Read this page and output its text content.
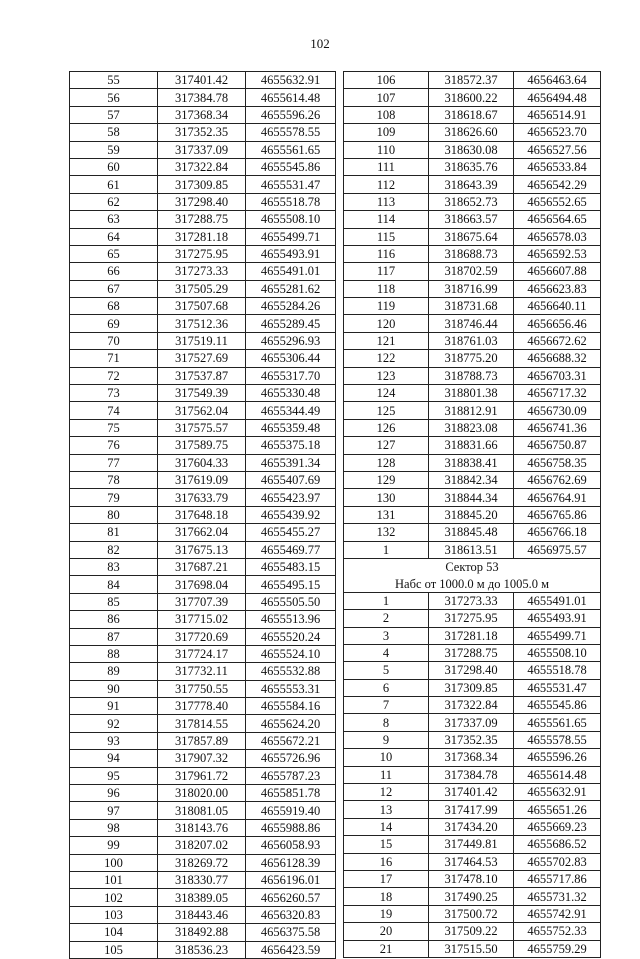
102
55	317401.42	4655632.91
56	317384.78	4655614.48
57	317368.34	4655596.26
58	317352.35	4655578.55
59	317337.09	4655561.65
60	317322.84	4655545.86
61	317309.85	4655531.47
62	317298.40	4655518.78
63	317288.75	4655508.10
64	317281.18	4655499.71
65	317275.95	4655493.91
66	317273.33	4655491.01
67	317505.29	4655281.62
68	317507.68	4655284.26
69	317512.36	4655289.45
70	317519.11	4655296.93
71	317527.69	4655306.44
72	317537.87	4655317.70
73	317549.39	4655330.48
74	317562.04	4655344.49
75	317575.57	4655359.48
76	317589.75	4655375.18
77	317604.33	4655391.34
78	317619.09	4655407.69
79	317633.79	4655423.97
80	317648.18	4655439.92
81	317662.04	4655455.27
82	317675.13	4655469.77
83	317687.21	4655483.15
84	317698.04	4655495.15
85	317707.39	4655505.50
86	317715.02	4655513.96
87	317720.69	4655520.24
88	317724.17	4655524.10
89	317732.11	4655532.88
90	317750.55	4655553.31
91	317778.40	4655584.16
92	317814.55	4655624.20
93	317857.89	4655672.21
94	317907.32	4655726.96
95	317961.72	4655787.23
96	318020.00	4655851.78
97	318081.05	4655919.40
98	318143.76	4655988.86
99	318207.02	4656058.93
100	318269.72	4656128.39
101	318330.77	4656196.01
102	318389.05	4656260.57
103	318443.46	4656320.83
104	318492.88	4656375.58
105	318536.23	4656423.59
106	318572.37	4656463.64
107	318600.22	4656494.48
108	318618.67	4656514.91
109	318626.60	4656523.70
110	318630.08	4656527.56
111	318635.76	4656533.84
112	318643.39	4656542.29
113	318652.73	4656552.65
114	318663.57	4656564.65
115	318675.64	4656578.03
116	318688.73	4656592.53
117	318702.59	4656607.88
118	318716.99	4656623.83
119	318731.68	4656640.11
120	318746.44	4656656.46
121	318761.03	4656672.62
122	318775.20	4656688.32
123	318788.73	4656703.31
124	318801.38	4656717.32
125	318812.91	4656730.09
126	318823.08	4656741.36
127	318831.66	4656750.87
128	318838.41	4656758.35
129	318842.34	4656762.69
130	318844.34	4656764.91
131	318845.20	4656765.86
132	318845.48	4656766.18
1	318613.51	4656975.57
Сектор 53		
Набс от 1000.0 м до 1005.0 м		
1	317273.33	4655491.01
2	317275.95	4655493.91
3	317281.18	4655499.71
4	317288.75	4655508.10
5	317298.40	4655518.78
6	317309.85	4655531.47
7	317322.84	4655545.86
8	317337.09	4655561.65
9	317352.35	4655578.55
10	317368.34	4655596.26
11	317384.78	4655614.48
12	317401.42	4655632.91
13	317417.99	4655651.26
14	317434.20	4655669.23
15	317449.81	4655686.52
16	317464.53	4655702.83
17	317478.10	4655717.86
18	317490.25	4655731.32
19	317500.72	4655742.91
20	317509.22	4655752.33
21	317515.50	4655759.29
